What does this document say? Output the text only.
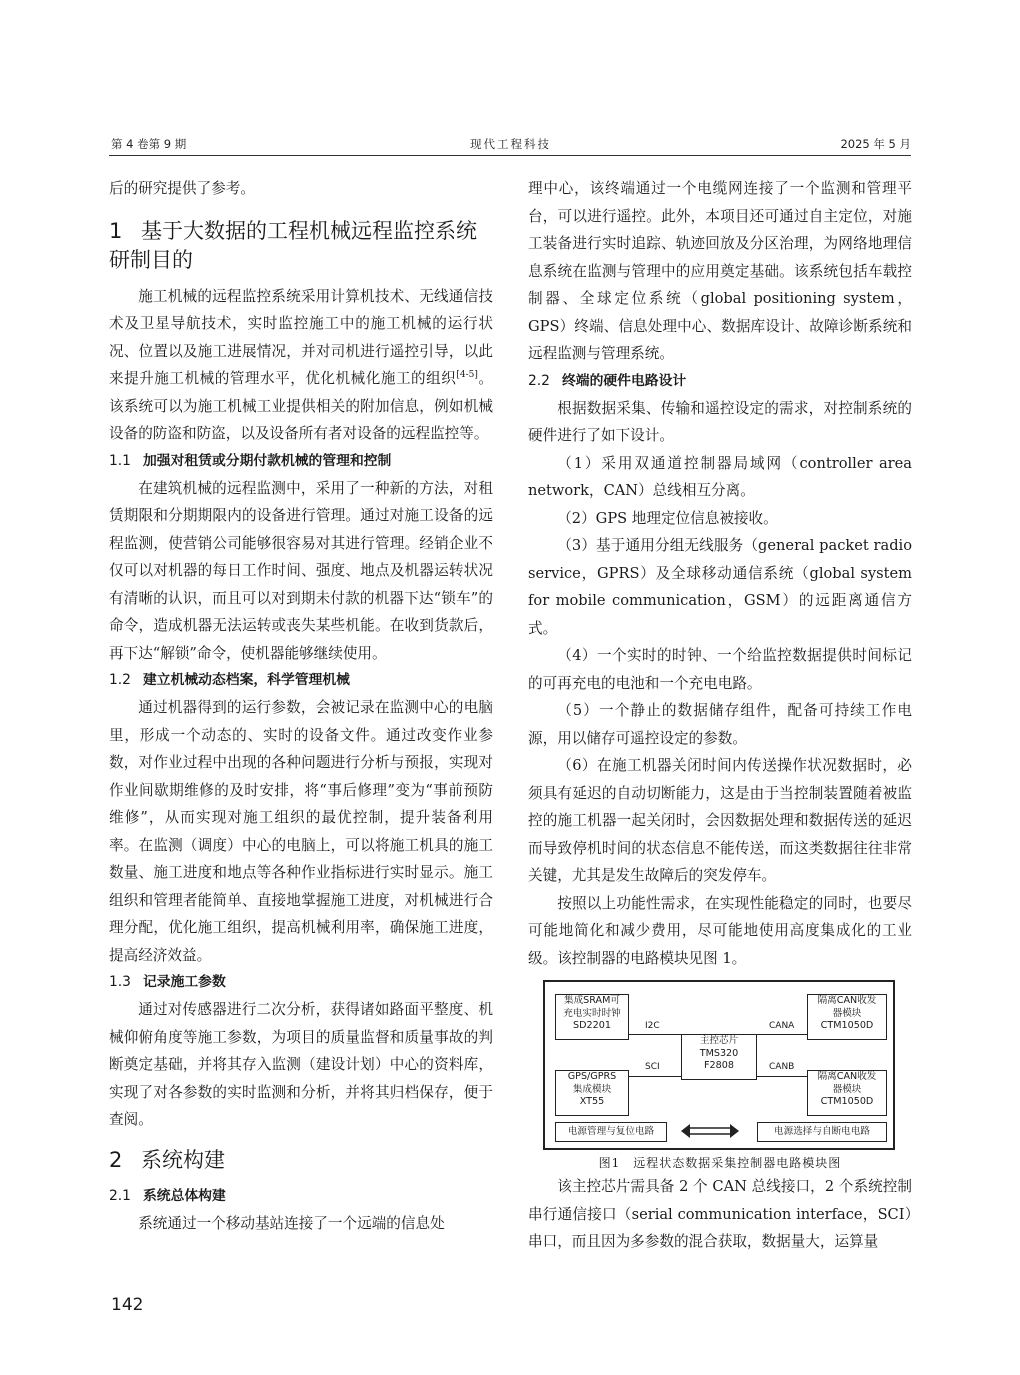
第 4 卷第 9 期	现代工程科技	2025 年 5 月

后的研究提供了参考。

1 基于大数据的工程机械远程监控系统研制目的

施工机械的远程监控系统采用计算机技术、无线通信技术及卫星导航技术，实时监控施工中的施工机械的运行状况、位置以及施工进展情况，并对司机进行遥控引导，以此来提升施工机械的管理水平，优化机械化施工的组织[4-5]。该系统可以为施工机械工业提供相关的附加信息，例如机械设备的防盗和防盗，以及设备所有者对设备的远程监控等。

1.1 加强对租赁或分期付款机械的管理和控制

在建筑机械的远程监测中，采用了一种新的方法，对租赁期限和分期期限内的设备进行管理。通过对施工设备的远程监测，使营销公司能够很容易对其进行管理。经销企业不仅可以对机器的每日工作时间、强度、地点及机器运转状况有清晰的认识，而且可以对到期未付款的机器下达“锁车”的命令，造成机器无法运转或丧失某些机能。在收到货款后，再下达“解锁”命令，使机器能够继续使用。

1.2 建立机械动态档案，科学管理机械

通过机器得到的运行参数，会被记录在监测中心的电脑里，形成一个动态的、实时的设备文件。通过改变作业参数，对作业过程中出现的各种问题进行分析与预报，实现对作业间歇期维修的及时安排，将“事后修理”变为“事前预防维修”，从而实现对施工组织的最优控制，提升装备利用率。在监测（调度）中心的电脑上，可以将施工机具的施工数量、施工进度和地点等各种作业指标进行实时显示。施工组织和管理者能简单、直接地掌握施工进度，对机械进行合理分配，优化施工组织，提高机械利用率，确保施工进度，提高经济效益。

1.3 记录施工参数

通过对传感器进行二次分析，获得诸如路面平整度、机械仰俯角度等施工参数，为项目的质量监督和质量事故的判断奠定基础，并将其存入监测（建设计划）中心的资料库，实现了对各参数的实时监测和分析，并将其归档保存，便于查阅。

2 系统构建
2.1 系统总体构建

系统通过一个移动基站连接了一个远端的信息处

理中心，该终端通过一个电缆网连接了一个监测和管理平台，可以进行遥控。此外，本项目还可通过自主定位，对施工装备进行实时追踪、轨迹回放及分区治理，为网络地理信息系统在监测与管理中的应用奠定基础。该系统包括车载控制器、全球定位系统（global positioning system，GPS）终端、信息处理中心、数据库设计、故障诊断系统和远程监测与管理系统。

2.2 终端的硬件电路设计

根据数据采集、传输和遥控设定的需求，对控制系统的硬件进行了如下设计。

（1）采用双通道控制器局域网（controller area network，CAN）总线相互分离。

（2）GPS 地理定位信息被接收。

（3）基于通用分组无线服务（general packet radio service，GPRS）及全球移动通信系统（global system for mobile communication，GSM）的远距离通信方式。

（4）一个实时的时钟、一个给监控数据提供时间标记的可再充电的电池和一个充电电路。

（5）一个静止的数据储存组件，配备可持续工作电源，用以储存可遥控设定的参数。

（6）在施工机器关闭时间内传送操作状况数据时，必须具有延迟的自动切断能力，这是由于当控制装置随着被监控的施工机器一起关闭时，会因数据处理和数据传送的延迟而导致停机时间的状态信息不能传送，而这类数据往往非常关键，尤其是发生故障后的突发停车。

按照以上功能性需求，在实现性能稳定的同时，也要尽可能地简化和减少费用，尽可能地使用高度集成化的工业级。该控制器的电路模块见图 1。

集成SRAM可
充电实时时钟
SD2201
GPS/GPRS
集成模块
XT55
主控芯片
TMS320
F2808
隔离CAN收发
器模块
CTM1050D
隔离CAN收发
器模块
CTM1050D
I2C
SCI
CANA
CANB
电源管理与复位电路	电源选择与自断电电路
图1　远程状态数据采集控制器电路模块图

该主控芯片需具备 2 个 CAN 总线接口，2 个系统控制串行通信接口（serial communication interface，SCI）串口，而且因为多参数的混合获取，数据量大，运算量

142
